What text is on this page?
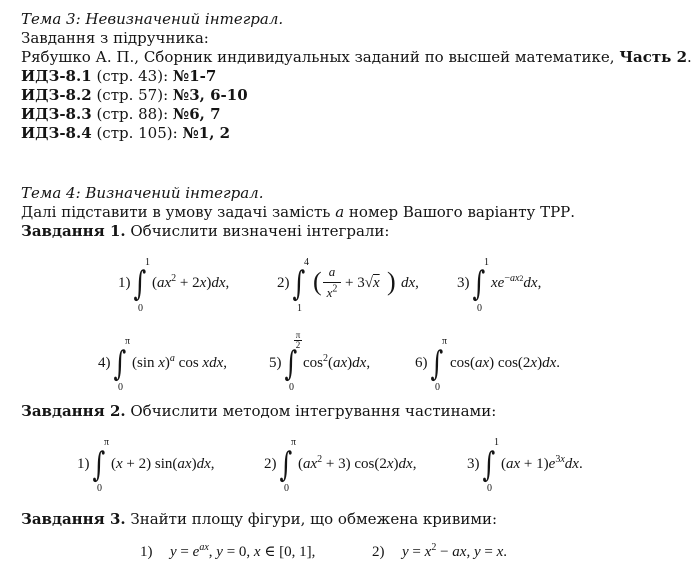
Тема 3: Невизначений інтеграл.
Завдання з підручника:
Рябушко А. П., Сборник индивидуальных заданий по высшей математике, Часть 2.
ИДЗ-8.1 (стр. 43): №1-7
ИДЗ-8.2 (стр. 57): №3, 6-10
ИДЗ-8.3 (стр. 88): №6, 7
ИДЗ-8.4 (стр. 105): №1, 2
Тема 4: Визначений інтеграл.
Далі підставити в умову задачі замість a номер Вашого варіанту ТРР.
Завдання 1. Обчислити визначені інтеграли:
1) ∫
1
0
$(ax^2 + 2x)dx$,	2) ∫
4
1
( a
$x^2 + 3√x$ ) dx,	3) ∫
1
0
$xe^{-ax2}dx$,
4) ∫
π
0
(sin x)$^a$ cos xdx,	5) ∫
π
2
0
$\cos^2(ax)dx$,	6) ∫
π
0
cos(ax) cos(2x)dx.
Завдання 2. Обчислити методом інтегрування частинами:
1) ∫
π
0
(x + 2) sin(ax)dx,	2) ∫
π
0
$(ax^2 + 3)$ cos(2x)dx,	3) ∫
1
0
$(ax + 1)e^{3x}dx$.
Завдання 3. Знайти площу фігури, що обмежена кривими:
1) $y = e^{ax}$, y = 0, x ∈ [0, 1],	2) $y = x^2$ − ax, y = x.
